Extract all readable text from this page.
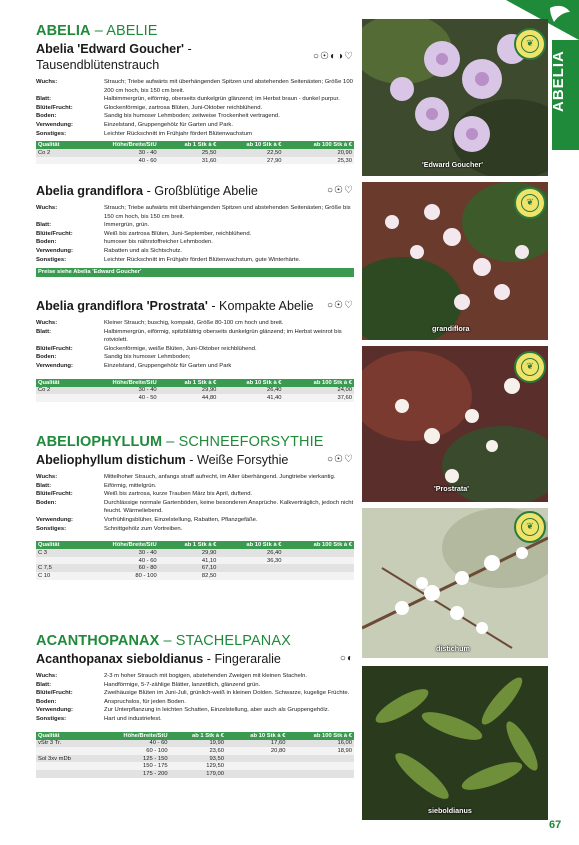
ABELIA
ABELIA – ABELIE
Abelia 'Edward Goucher' - Tausendblütenstrauch
○☉◐◑♡
Wuchs:	Strauch; Triebe aufwärts mit überhängenden Spitzen und abstehenden Seitenästen; Größe 100 200 cm hoch, bis 150 cm breit.
Blatt:	Halbimmergrün, eiförmig, oberseits dunkelgrün glänzend; im Herbst braun - dunkel purpur.
Blüte/Frucht:	Glockenförmige, zartrosa Blüten, Juni-Oktober reichblühend.
Boden:	Sandig bis humoser Lehmboden; zeitweise Trockenheit vertragend.
Verwendung:	Einzelstand, Gruppengehölz für Garten und Park.
Sonstiges:	Leichter Rückschnitt im Frühjahr fördert Blütenwachstum
Qualität	Höhe/Breite/StU	ab 1 Stk à €	ab 10 Stk à €	ab 100 Stk à €
Co 2	30 - 40	25,50	22,50	20,90
	40 - 60	31,60	27,90	25,30
Abelia grandiflora - Großblütige Abelie	○☉♡
Wuchs:	Strauch; Triebe aufwärts mit überhängenden Spitzen und abstehenden Seitenästen; Größe bis 150 cm hoch, bis 150 cm breit.
Blatt:	Immergrün, grün.
Blüte/Frucht:	Weiß bis zartrosa Blüten, Juni-September, reichblühend.
Boden:	humoser bis nährstoffreicher Lehmboden.
Verwendung:	Rabatten und als Sichtschutz.
Sonstiges:	Leichter Rückschnitt im Frühjahr fördert Blütenwachstum, gute Winterhärte.
Preise siehe Abelia 'Edward Goucher'
Abelia grandiflora 'Prostrata' - Kompakte Abelie ○☉♡
Wuchs:	Kleiner Strauch; buschig, kompakt, Größe 80-100 cm hoch und breit.
Blatt:	Halbimmergrün, eiförmig, spitzblättrig oberseits dunkelgrün glänzend; im Herbst weinrot bis rotviolett.
Blüte/Frucht:	Glockenförmige, weiße Blüten, Juni-Oktober reichblühend.
Boden:	Sandig bis humoser Lehmboden;
Verwendung:	Einzelstand, Gruppengehölz für Garten und Park
Qualität	Höhe/Breite/StU	ab 1 Stk à €	ab 10 Stk à €	ab 100 Stk à €
Co 2	30 - 40	29,90	26,40	24,00
	40 - 50	44,80	41,40	37,60
ABELIOPHYLLUM – SCHNEEFORSYTHIE
Abeliophyllum distichum - Weiße Forsythie	○☉♡
Wuchs:	Mittelhoher Strauch, anfangs straff aufrecht, im Alter überhängend. Jungtriebe vierkantig.
Blatt:	Eiförmig, mittelgrün.
Blüte/Frucht:	Weiß bis zartrosa, kurze Trauben März bis April, duftend.
Boden:	Durchlässige normale Gartenböden, keine besonderen Ansprüche. Kalkverträglich, jedoch nicht feucht. Wärmeliebend.
Verwendung:	Vorfrühlingsblüher, Einzelstellung, Rabatten, Pflanzgefäße.
Sonstiges:	Schnittgehölz zum Vortreiben.
Qualität	Höhe/Breite/StU	ab 1 Stk à €	ab 10 Stk à €	ab 100 Stk à €
C 3	30 - 40	29,90	26,40	
	40 - 60	41,10	36,30	
C 7,5	60 - 80	67,10		
C 10	80 - 100	82,50		
ACANTHOPANAX – STACHELPANAX
Acanthopanax sieboldianus - Fingeraralie	○◐
Wuchs:	2-3 m hoher Strauch mit bogigen, abstehenden Zweigen mit kleinen Stacheln.
Blatt:	Handförmige, 5-7-zählige Blätter, lanzettlich, glänzend grün.
Blüte/Frucht:	Zweihäusige Blüten im Juni-Juli, grünlich-weiß in kleinen Dolden. Schwarze, kugelige Früchte.
Boden:	Anspruchslos, für jeden Boden.
Verwendung:	Zur Unterpflanzung in leichten Schatten, Einzelstellung, aber auch als Gruppengehölz.
Sonstiges:	Hart und industriefest.
Qualität	Höhe/Breite/StU	ab 1 Stk à €	ab 10 Stk à €	ab 100 Stk à €
vStr 3 Tr.	40 - 60	19,90	17,60	16,00
	60 - 100	23,60	20,80	18,90
Sol 3xv mDb	125 - 150	93,50		
	150 - 175	129,50		
	175 - 200	179,00		
'Edward Goucher'
grandiflora
'Prostrata'
distichum
sieboldianus
❦
❦
❦
❦
67
